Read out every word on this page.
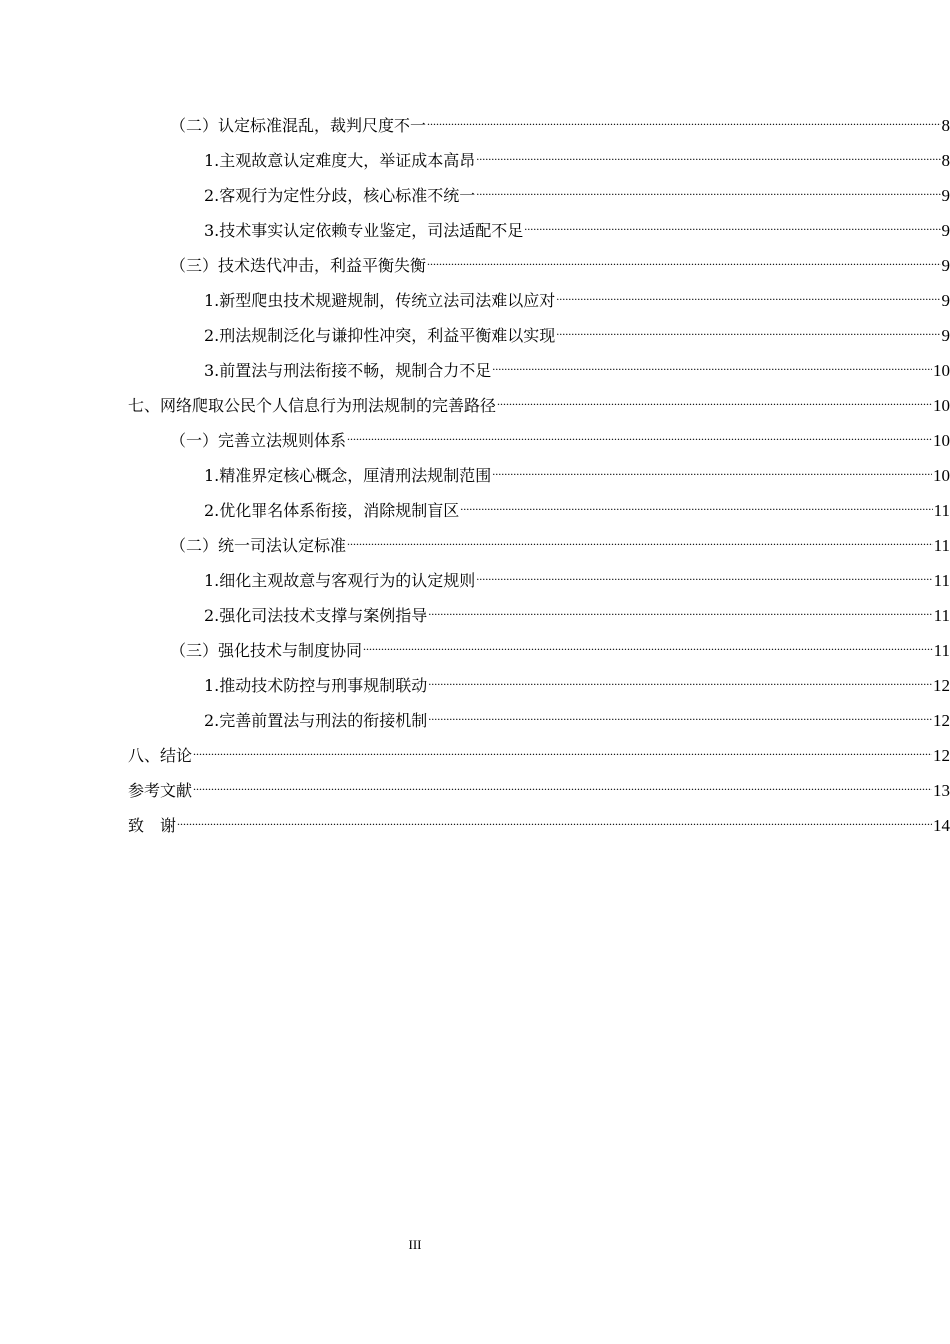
（二）认定标准混乱，裁判尺度不一 .....	8
1.主观故意认定难度大，举证成本高昂 .....	8
2.客观行为定性分歧，核心标准不统一 .....	9
3.技术事实认定依赖专业鉴定，司法适配不足 .....	9
（三）技术迭代冲击，利益平衡失衡 .....	9
1.新型爬虫技术规避规制，传统立法司法难以应对 .....	9
2.刑法规制泛化与谦抑性冲突，利益平衡难以实现 .....	9
3.前置法与刑法衔接不畅，规制合力不足 .....	10
七、网络爬取公民个人信息行为刑法规制的完善路径 .....	10
（一）完善立法规则体系 .....	10
1.精准界定核心概念，厘清刑法规制范围 .....	10
2.优化罪名体系衔接，消除规制盲区 .....	11
（二）统一司法认定标准 .....	11
1.细化主观故意与客观行为的认定规则 .....	11
2.强化司法技术支撑与案例指导 .....	11
（三）强化技术与制度协同 .....	11
1.推动技术防控与刑事规制联动 .....	12
2.完善前置法与刑法的衔接机制 .....	12
八、结论 .....	12
参考文献 .....	13
致　谢 .....	14
III
